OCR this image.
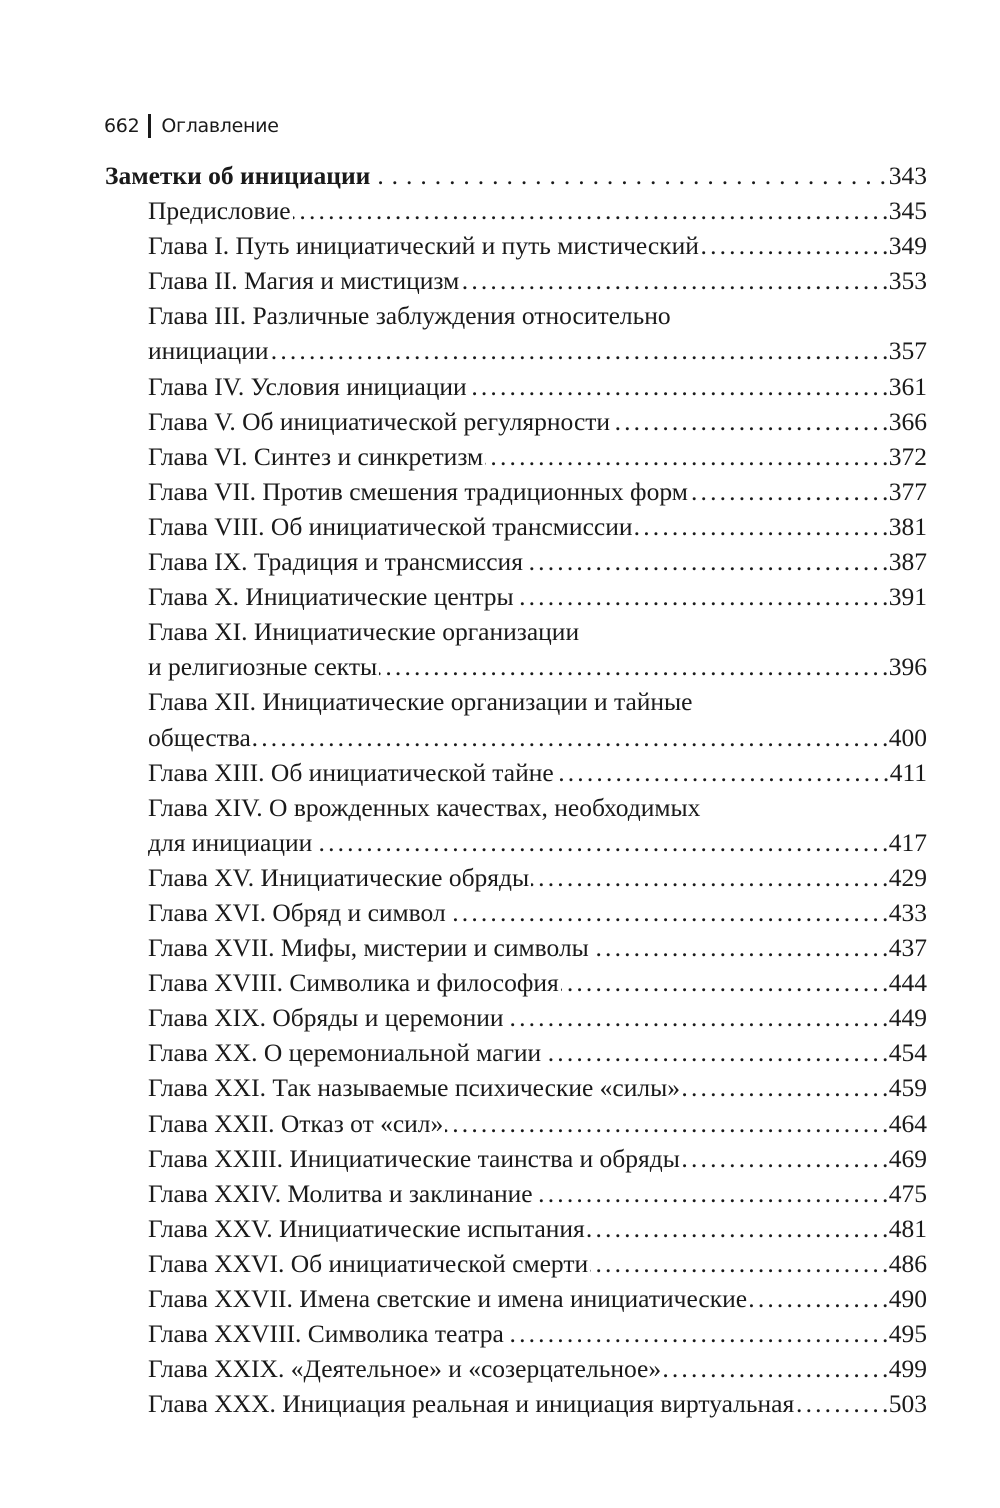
662 Оглавление
Заметки об инициации . . .	343
Предисловие . . .	345
Глава I. Путь инициатический и путь мистический . . .	349
Глава II. Магия и мистицизм . . .	353
Глава III. Различные заблуждения относительно
инициации . . .	357
Глава IV. Условия инициации . . .	361
Глава V. Об инициатической регулярности . . .	366
Глава VI. Синтез и синкретизм . . .	372
Глава VII. Против смешения традиционных форм . . .	377
Глава VIII. Об инициатической трансмиссии . . .	381
Глава IX. Традиция и трансмиссия . . .	387
Глава X. Инициатические центры . . .	391
Глава XI. Инициатические организации
и религиозные секты . . .	396
Глава XII. Инициатические организации и тайные
общества . . .	400
Глава XIII. Об инициатической тайне . . .	411
Глава XIV. О врожденных качествах, необходимых
для инициации . . .	417
Глава XV. Инициатические обряды . . .	429
Глава XVI. Обряд и символ . . .	433
Глава XVII. Мифы, мистерии и символы . . .	437
Глава XVIII. Символика и философия . . .	444
Глава XIX. Обряды и церемонии . . .	449
Глава XX. О церемониальной магии . . .	454
Глава XXI. Так называемые психические «силы» . . .	459
Глава XXII. Отказ от «сил» . . .	464
Глава XXIII. Инициатические таинства и обряды . . .	469
Глава XXIV. Молитва и заклинание . . .	475
Глава XXV. Инициатические испытания . . .	481
Глава XXVI. Об инициатической смерти . . .	486
Глава XXVII. Имена светские и имена инициатические . . .	490
Глава XXVIII. Символика театра . . .	495
Глава XXIX. «Деятельное» и «созерцательное» . . .	499
Глава XXX. Инициация реальная и инициация виртуальная . . .	503
